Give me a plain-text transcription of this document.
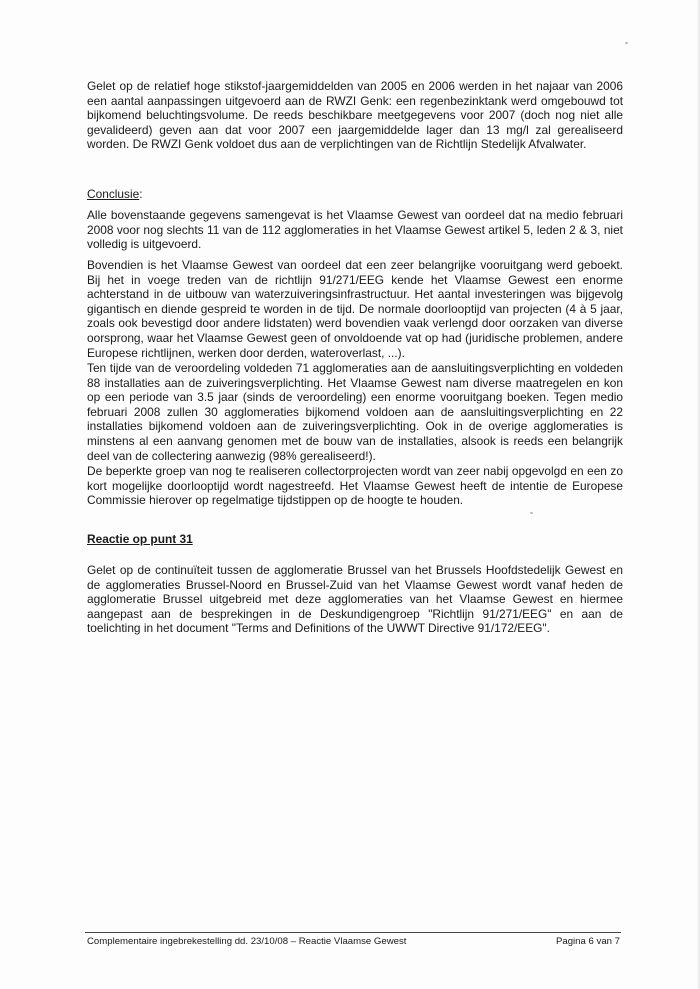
Gelet op de relatief hoge stikstof-jaargemiddelden van 2005 en 2006 werden in het najaar van 2006 een aantal aanpassingen uitgevoerd aan de RWZI Genk: een regenbezinktank werd omgebouwd tot bijkomend beluchtingsvolume. De reeds beschikbare meetgegevens voor 2007 (doch nog niet alle gevalideerd) geven aan dat voor 2007 een jaargemiddelde lager dan 13 mg/l zal gerealiseerd worden. De RWZI Genk voldoet dus aan de verplichtingen van de Richtlijn Stedelijk Afvalwater.

Conclusie:

Alle bovenstaande gegevens samengevat is het Vlaamse Gewest van oordeel dat na medio februari 2008 voor nog slechts 11 van de 112 agglomeraties in het Vlaamse Gewest artikel 5, leden 2 & 3, niet volledig is uitgevoerd.

Bovendien is het Vlaamse Gewest van oordeel dat een zeer belangrijke vooruitgang werd geboekt. Bij het in voege treden van de richtlijn 91/271/EEG kende het Vlaamse Gewest een enorme achterstand in de uitbouw van waterzuiveringsinfrastructuur. Het aantal investeringen was bijgevolg gigantisch en diende gespreid te worden in de tijd. De normale doorlooptijd van projecten (4 à 5 jaar, zoals ook bevestigd door andere lidstaten) werd bovendien vaak verlengd door oorzaken van diverse oorsprong, waar het Vlaamse Gewest geen of onvoldoende vat op had (juridische problemen, andere Europese richtlijnen, werken door derden, wateroverlast, ...).

Ten tijde van de veroordeling voldeden 71 agglomeraties aan de aansluitingsverplichting en voldeden 88 installaties aan de zuiveringsverplichting. Het Vlaamse Gewest nam diverse maatregelen en kon op een periode van 3.5 jaar (sinds de veroordeling) een enorme vooruitgang boeken. Tegen medio februari 2008 zullen 30 agglomeraties bijkomend voldoen aan de aansluitingsverplichting en 22 installaties bijkomend voldoen aan de zuiveringsverplichting. Ook in de overige agglomeraties is minstens al een aanvang genomen met de bouw van de installaties, alsook is reeds een belangrijk deel van de collectering aanwezig (98% gerealiseerd!).

De beperkte groep van nog te realiseren collectorprojecten wordt van zeer nabij opgevolgd en een zo kort mogelijke doorlooptijd wordt nagestreefd. Het Vlaamse Gewest heeft de intentie de Europese Commissie hierover op regelmatige tijdstippen op de hoogte te houden.

Reactie op punt 31

Gelet op de continuïteit tussen de agglomeratie Brussel van het Brussels Hoofdstedelijk Gewest en de agglomeraties Brussel-Noord en Brussel-Zuid van het Vlaamse Gewest wordt vanaf heden de agglomeratie Brussel uitgebreid met deze agglomeraties van het Vlaamse Gewest en hiermee aangepast aan de besprekingen in de Deskundigengroep "Richtlijn 91/271/EEG" en aan de toelichting in het document "Terms and Definitions of the UWWT Directive 91/172/EEG".

Complementaire ingebrekestelling dd. 23/10/08 – Reactie Vlaamse Gewest	Pagina 6 van 7
